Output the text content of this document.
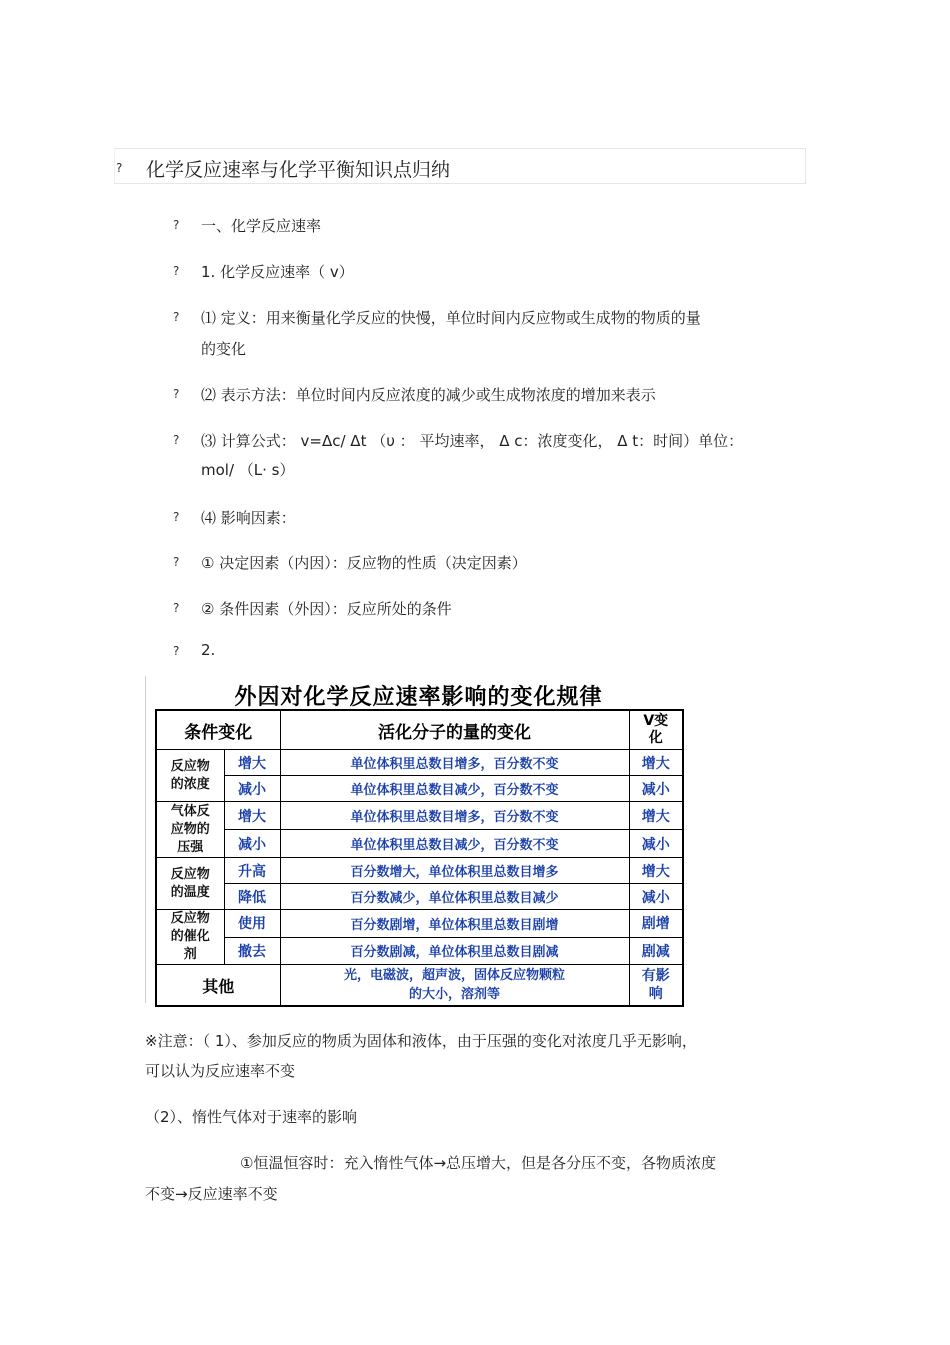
? 化学反应速率与化学平衡知识点归纳
? 一、化学反应速率
? 1. 化学反应速率（ v）
? ⑴ 定义：用来衡量化学反应的快慢，单位时间内反应物或生成物的物质的量
的变化
? ⑵ 表示方法：单位时间内反应浓度的减少或生成物浓度的增加来表示
? ⑶ 计算公式： v=Δc/ Δt （υ ： 平均速率， Δ c：浓度变化， Δ t：时间）单位：
mol/ （L· s）
? ⑷ 影响因素：
? ① 决定因素（内因）：反应物的性质（决定因素）
? ② 条件因素（外因）：反应所处的条件
? 2.
外因对化学反应速率影响的变化规律
条件变化		活化分子的量的变化	V变
化
反应物
的浓度	增大	单位体积里总数目增多，百分数不变	增大
	减小	单位体积里总数目减少，百分数不变	减小
气体反
应物的
压强	增大	单位体积里总数目增多，百分数不变	增大
	减小	单位体积里总数目减少，百分数不变	减小
反应物
的温度	升高	百分数增大，单位体积里总数目增多	增大
	降低	百分数减少，单位体积里总数目减少	减小
反应物
的催化
剂	使用	百分数剧增，单位体积里总数目剧增	剧增
	撤去	百分数剧减，单位体积里总数目剧减	剧减
其他		光，电磁波，超声波，固体反应物颗粒
的大小，溶剂等	有影
响
※注意：（ 1）、参加反应的物质为固体和液体，由于压强的变化对浓度几乎无影响，
可以认为反应速率不变
（2）、惰性气体对于速率的影响
①恒温恒容时：充入惰性气体→总压增大，但是各分压不变，各物质浓度
不变→反应速率不变
